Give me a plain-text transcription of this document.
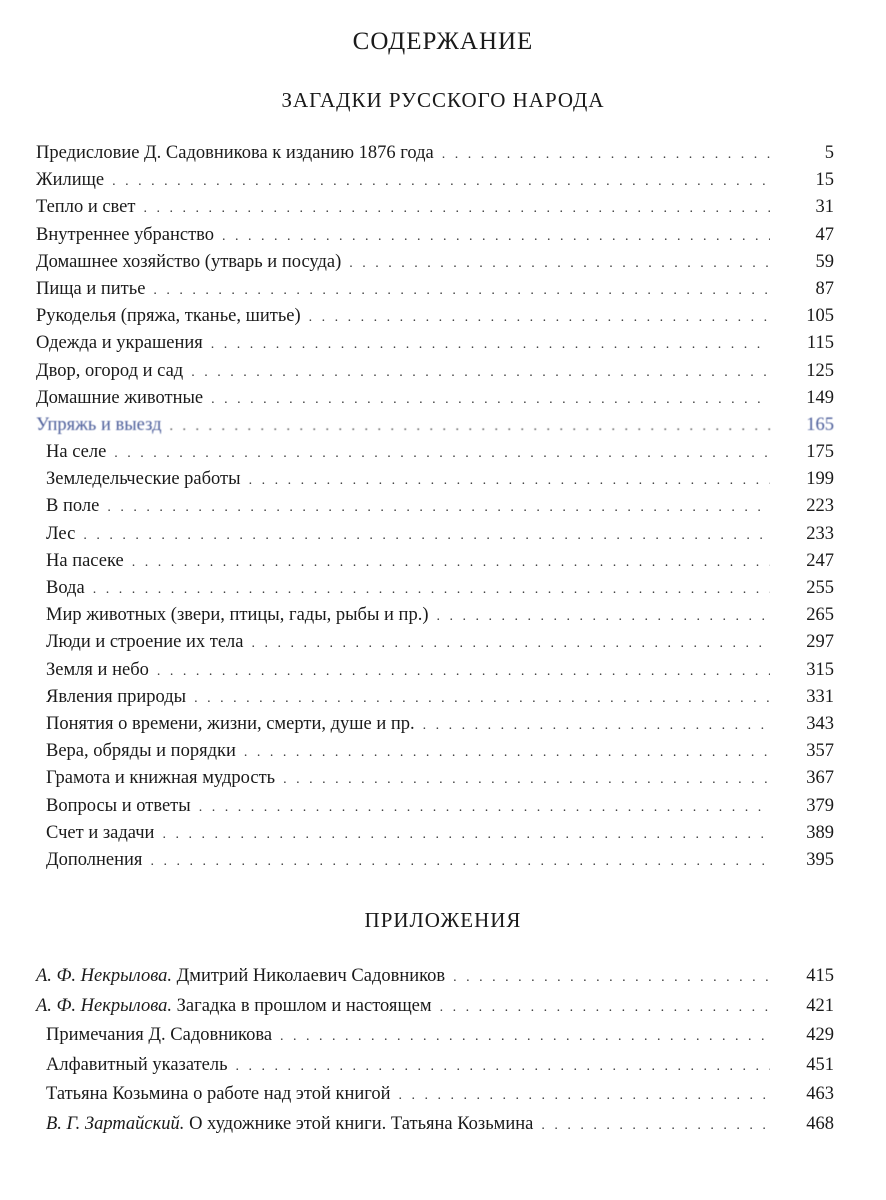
СОДЕРЖАНИЕ
ЗАГАДКИ РУССКОГО НАРОДА
Предисловие Д. Садовникова к изданию 1876 года . . .	5
Жилище . . .	15
Тепло и свет . . .	31
Внутреннее убранство . . .	47
Домашнее хозяйство (утварь и посуда) . . .	59
Пища и питье . . .	87
Рукоделья (пряжа, тканье, шитье) . . .	105
Одежда и украшения . . .	115
Двор, огород и сад . . .	125
Домашние животные . . .	149
Упряжь и выезд . . .	165
На селе . . .	175
Земледельческие работы . . .	199
В поле . . .	223
Лес . . .	233
На пасеке . . .	247
Вода . . .	255
Мир животных (звери, птицы, гады, рыбы и пр.) . . .	265
Люди и строение их тела . . .	297
Земля и небо . . .	315
Явления природы . . .	331
Понятия о времени, жизни, смерти, душе и пр. . . .	343
Вера, обряды и порядки . . .	357
Грамота и книжная мудрость . . .	367
Вопросы и ответы . . .	379
Счет и задачи . . .	389
Дополнения . . .	395
ПРИЛОЖЕНИЯ
А. Ф. Некрылова. Дмитрий Николаевич Садовников . . .	415
А. Ф. Некрылова. Загадка в прошлом и настоящем . . .	421
Примечания Д. Садовникова . . .	429
Алфавитный указатель . . .	451
Татьяна Козьмина о работе над этой книгой . . .	463
В. Г. Зартайский. О художнике этой книги. Татьяна Козьмина . . .	468
